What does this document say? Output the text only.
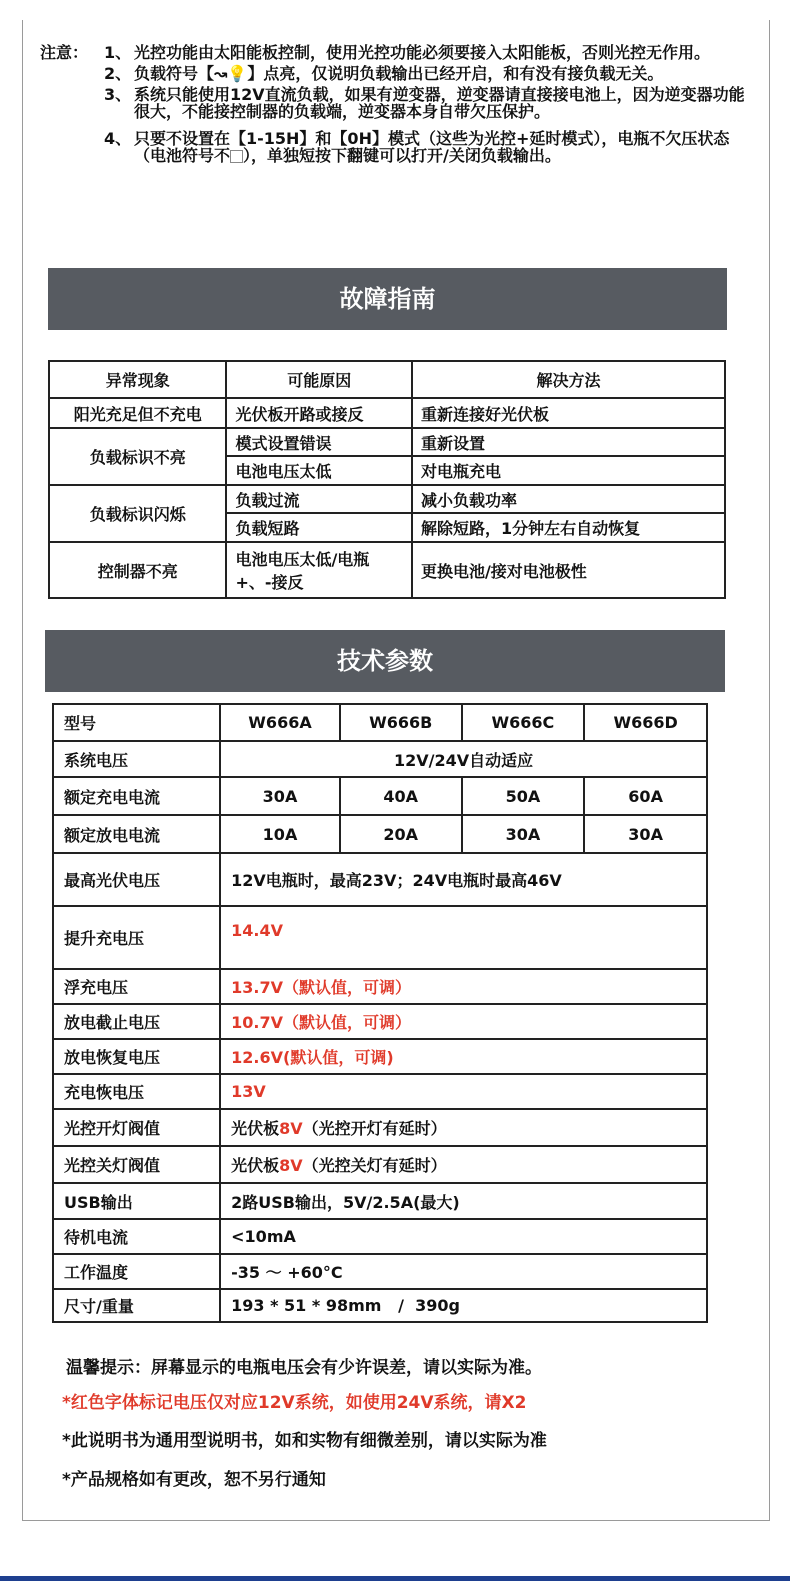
注意： 1、 光控功能由太阳能板控制，使用光控功能必须要接入太阳能板，否则光控无作用。
2、 负载符号【↝💡】点亮，仅说明负载输出已经开启，和有没有接负载无关。
3、 系统只能使用12V直流负载，如果有逆变器，逆变器请直接接电池上，因为逆变器功能很大，不能接控制器的负载端，逆变器本身自带欠压保护。
4、 只要不设置在【1-15H】和【0H】模式（这些为光控+延时模式），电瓶不欠压状态（电池符号不 ），单独短按下翻键可以打开/关闭负载输出。
故障指南
异常现象	可能原因	解决方法
阳光充足但不充电	光伏板开路或接反	重新连接好光伏板
负载标识不亮	模式设置错误	重新设置
	电池电压太低	对电瓶充电
负载标识闪烁	负载过流	减小负载功率
	负载短路	解除短路，1分钟左右自动恢复
控制器不亮	电池电压太低/电瓶+、-接反	更换电池/接对电池极性
技术参数
型号	W666A	W666B	W666C	W666D
系统电压	12V/24V自动适应			
额定充电电流	30A	40A	50A	60A
额定放电电流	10A	20A	30A	30A
最高光伏电压	12V电瓶时，最高23V；24V电瓶时最高46V			
提升充电压	14.4V			
浮充电压	13.7V（默认值，可调）			
放电截止电压	10.7V（默认值，可调）			
放电恢复电压	12.6V(默认值，可调)			
充电恢电压	13V			
光控开灯阀值	光伏板8V（光控开灯有延时）			
光控关灯阀值	光伏板8V（光控关灯有延时）			
USB输出	2路USB输出，5V/2.5A(最大)			
待机电流	<10mA			
工作温度	-35 ～ +60°C			
尺寸/重量	193 * 51 * 98mm   /  390g			
温馨提示：屏幕显示的电瓶电压会有少许误差，请以实际为准。
*红色字体标记电压仅对应12V系统，如使用24V系统，请X2
*此说明书为通用型说明书，如和实物有细微差别，请以实际为准
*产品规格如有更改，恕不另行通知
